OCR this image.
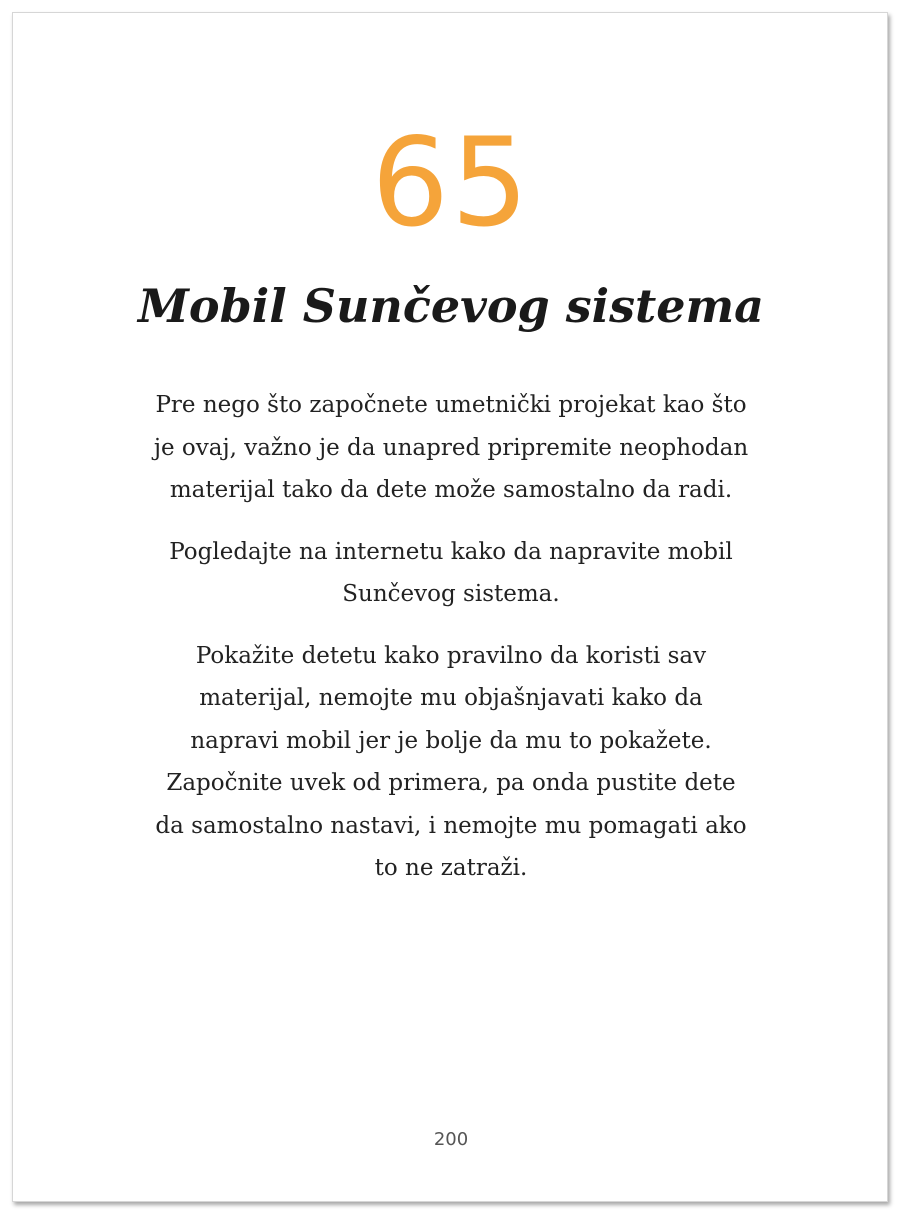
65
Mobil Sunčevog sistema

Pre nego što započnete umetnički projekat kao što
je ovaj, važno je da unapred pripremite neophodan
materijal tako da dete može samostalno da radi.

Pogledajte na internetu kako da napravite mobil
Sunčevog sistema.

Pokažite detetu kako pravilno da koristi sav
materijal, nemojte mu objašnjavati kako da
napravi mobil jer je bolje da mu to pokažete.
Započnite uvek od primera, pa onda pustite dete
da samostalno nastavi, i nemojte mu pomagati ako
to ne zatraži.

200
